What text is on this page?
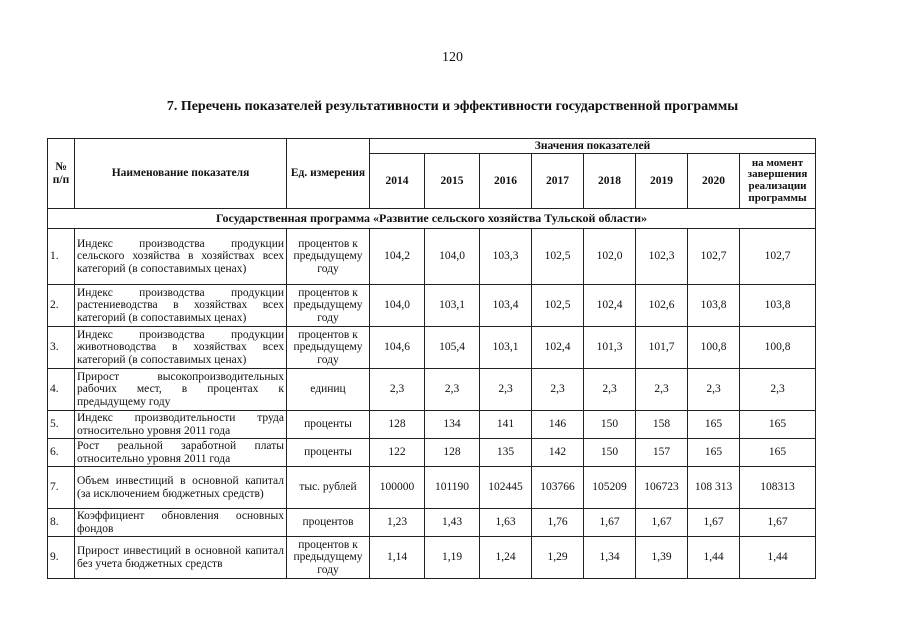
120
7. Перечень показателей результативности и эффективности государственной программы
№ п/п	Наименование показателя	Ед. измерения	Значения показателей							
			2014	2015	2016	2017	2018	2019	2020	на момент завершения реализации программы
Государственная программа «Развитие сельского хозяйства Тульской области»										
1.	Индекс производства продукции сельского хозяйства в хозяйствах всех категорий (в сопоставимых ценах)	процентов к предыдущему году	104,2	104,0	103,3	102,5	102,0	102,3	102,7	102,7
2.	Индекс производства продукции растениеводства в хозяйствах всех категорий (в сопоставимых ценах)	процентов к предыдущему году	104,0	103,1	103,4	102,5	102,4	102,6	103,8	103,8
3.	Индекс производства продукции животноводства в хозяйствах всех категорий (в сопоставимых ценах)	процентов к предыдущему году	104,6	105,4	103,1	102,4	101,3	101,7	100,8	100,8
4.	Прирост высокопроизводительных рабочих мест, в процентах к предыдущему году	единиц	2,3	2,3	2,3	2,3	2,3	2,3	2,3	2,3
5.	Индекс производительности труда относительно уровня 2011 года	проценты	128	134	141	146	150	158	165	165
6.	Рост реальной заработной платы относительно уровня 2011 года	проценты	122	128	135	142	150	157	165	165
7.	Объем инвестиций в основной капитал (за исключением бюджетных средств)	тыс. рублей	100000	101190	102445	103766	105209	106723	108 313	108313
8.	Коэффициент обновления основных фондов	процентов	1,23	1,43	1,63	1,76	1,67	1,67	1,67	1,67
9.	Прирост инвестиций в основной капитал без учета бюджетных средств	процентов к предыдущему году	1,14	1,19	1,24	1,29	1,34	1,39	1,44	1,44
